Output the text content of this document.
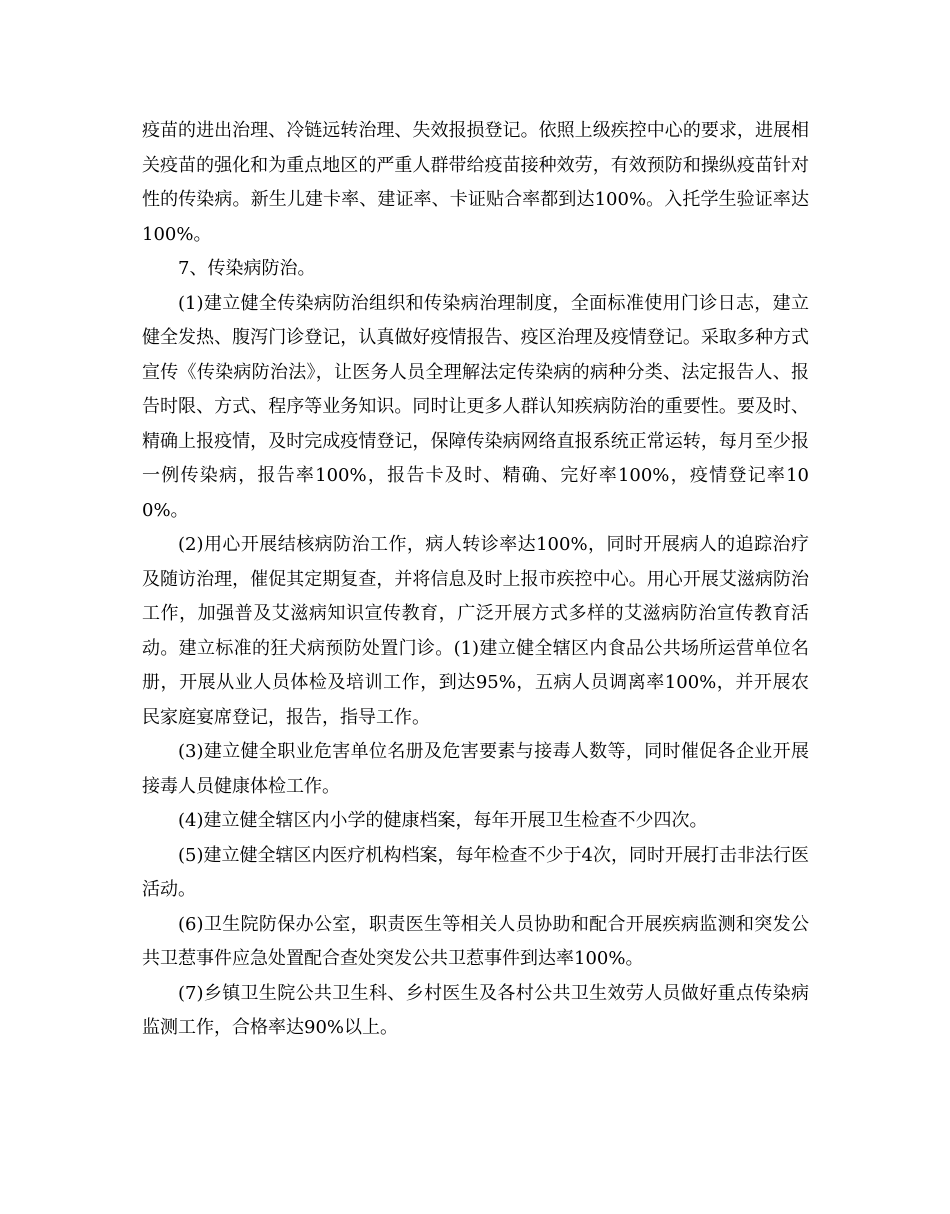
疫苗的进出治理、冷链远转治理、失效报损登记。依照上级疾控中心的要求，进展相关疫苗的强化和为重点地区的严重人群带给疫苗接种效劳，有效预防和操纵疫苗针对性的传染病。新生儿建卡率、建证率、卡证贴合率都到达100%。入托学生验证率达100%。

7、传染病防治。

(1)建立健全传染病防治组织和传染病治理制度，全面标准使用门诊日志，建立健全发热、腹泻门诊登记，认真做好疫情报告、疫区治理及疫情登记。采取多种方式宣传《传染病防治法》，让医务人员全理解法定传染病的病种分类、法定报告人、报告时限、方式、程序等业务知识。同时让更多人群认知疾病防治的重要性。要及时、精确上报疫情，及时完成疫情登记，保障传染病网络直报系统正常运转，每月至少报一例传染病，报告率100%，报告卡及时、精确、完好率100%，疫情登记率100%。

(2)用心开展结核病防治工作，病人转诊率达100%，同时开展病人的追踪治疗及随访治理，催促其定期复查，并将信息及时上报市疾控中心。用心开展艾滋病防治工作，加强普及艾滋病知识宣传教育，广泛开展方式多样的艾滋病防治宣传教育活动。建立标准的狂犬病预防处置门诊。(1)建立健全辖区内食品公共场所运营单位名册，开展从业人员体检及培训工作，到达95%，五病人员调离率100%，并开展农民家庭宴席登记，报告，指导工作。

(3)建立健全职业危害单位名册及危害要素与接毒人数等，同时催促各企业开展接毒人员健康体检工作。

(4)建立健全辖区内小学的健康档案，每年开展卫生检查不少四次。

(5)建立健全辖区内医疗机构档案，每年检查不少于4次，同时开展打击非法行医活动。

(6)卫生院防保办公室，职责医生等相关人员协助和配合开展疾病监测和突发公共卫惹事件应急处置配合查处突发公共卫惹事件到达率100%。

(7)乡镇卫生院公共卫生科、乡村医生及各村公共卫生效劳人员做好重点传染病监测工作，合格率达90%以上。
